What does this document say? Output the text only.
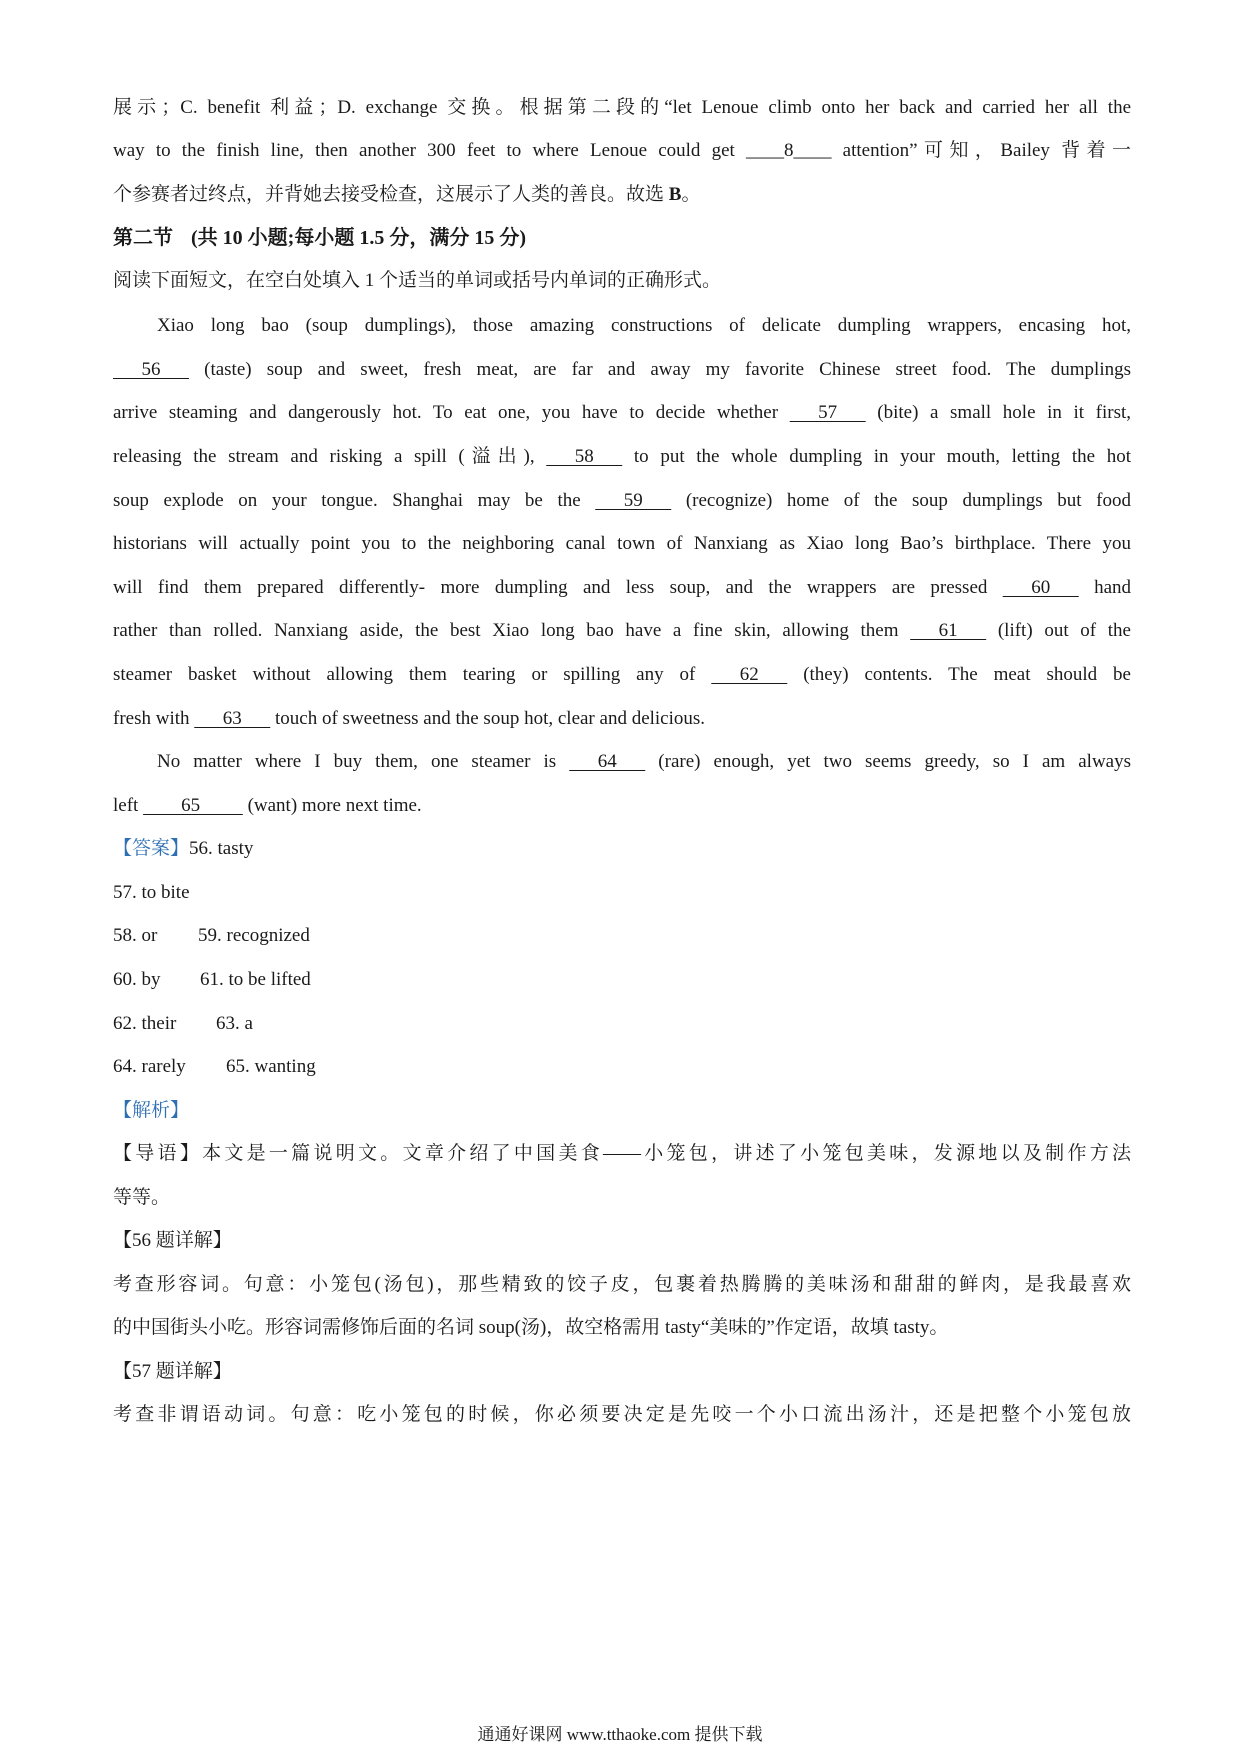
展示；C. benefit 利益；D. exchange 交换。根据第二段的“let Lenoue climb onto her back and carried her all the
way to the finish line, then another 300 feet to where Lenoue could get ____8____ attention”可知，Bailey 背着一
个参赛者过终点，并背她去接受检查，这展示了人类的善良。故选 B。
第二节 (共 10 小题;每小题 1.5 分，满分 15 分)
阅读下面短文，在空白处填入 1 个适当的单词或括号内单词的正确形式。
Xiao long bao (soup dumplings), those amazing constructions of delicate dumpling wrappers, encasing hot,
56       (taste) soup and sweet, fresh meat, are far and away my favorite Chinese street food. The dumplings
arrive steaming and dangerously hot. To eat one, you have to decide whether       57       (bite) a small hole in it first,
releasing the stream and risking a spill (溢出),       58       to put the whole dumpling in your mouth, letting the hot
soup explode on your tongue. Shanghai may be the       59       (recognize) home of the soup dumplings but food
historians will actually point you to the neighboring canal town of Nanxiang as Xiao long Bao’s birthplace. There you
will find them prepared differently- more dumpling and less soup, and the wrappers are pressed       60       hand
rather than rolled. Nanxiang aside, the best Xiao long bao have a fine skin, allowing them       61       (lift) out of the
steamer basket without allowing them tearing or spilling any of       62       (they) contents. The meat should be
fresh with       63       touch of sweetness and the soup hot, clear and delicious.
No matter where I buy them, one steamer is       64       (rare) enough, yet two seems greedy, so I am always
left         65          (want) more next time.
【答案】56. tasty
57. to bite
58. or 59. recognized
60. by 61. to be lifted
62. their 63. a
64. rarely 65. wanting
【解析】
【导语】本文是一篇说明文。文章介绍了中国美食——小笼包，讲述了小笼包美味，发源地以及制作方法
等等。
【56 题详解】
考查形容词。句意：小笼包(汤包)，那些精致的饺子皮，包裹着热腾腾的美味汤和甜甜的鲜肉，是我最喜欢
的中国街头小吃。形容词需修饰后面的名词 soup(汤)，故空格需用 tasty“美味的”作定语，故填 tasty。
【57 题详解】
考查非谓语动词。句意：吃小笼包的时候，你必须要决定是先咬一个小口流出汤汁，还是把整个小笼包放
通通好课网 www.tthaoke.com 提供下载
